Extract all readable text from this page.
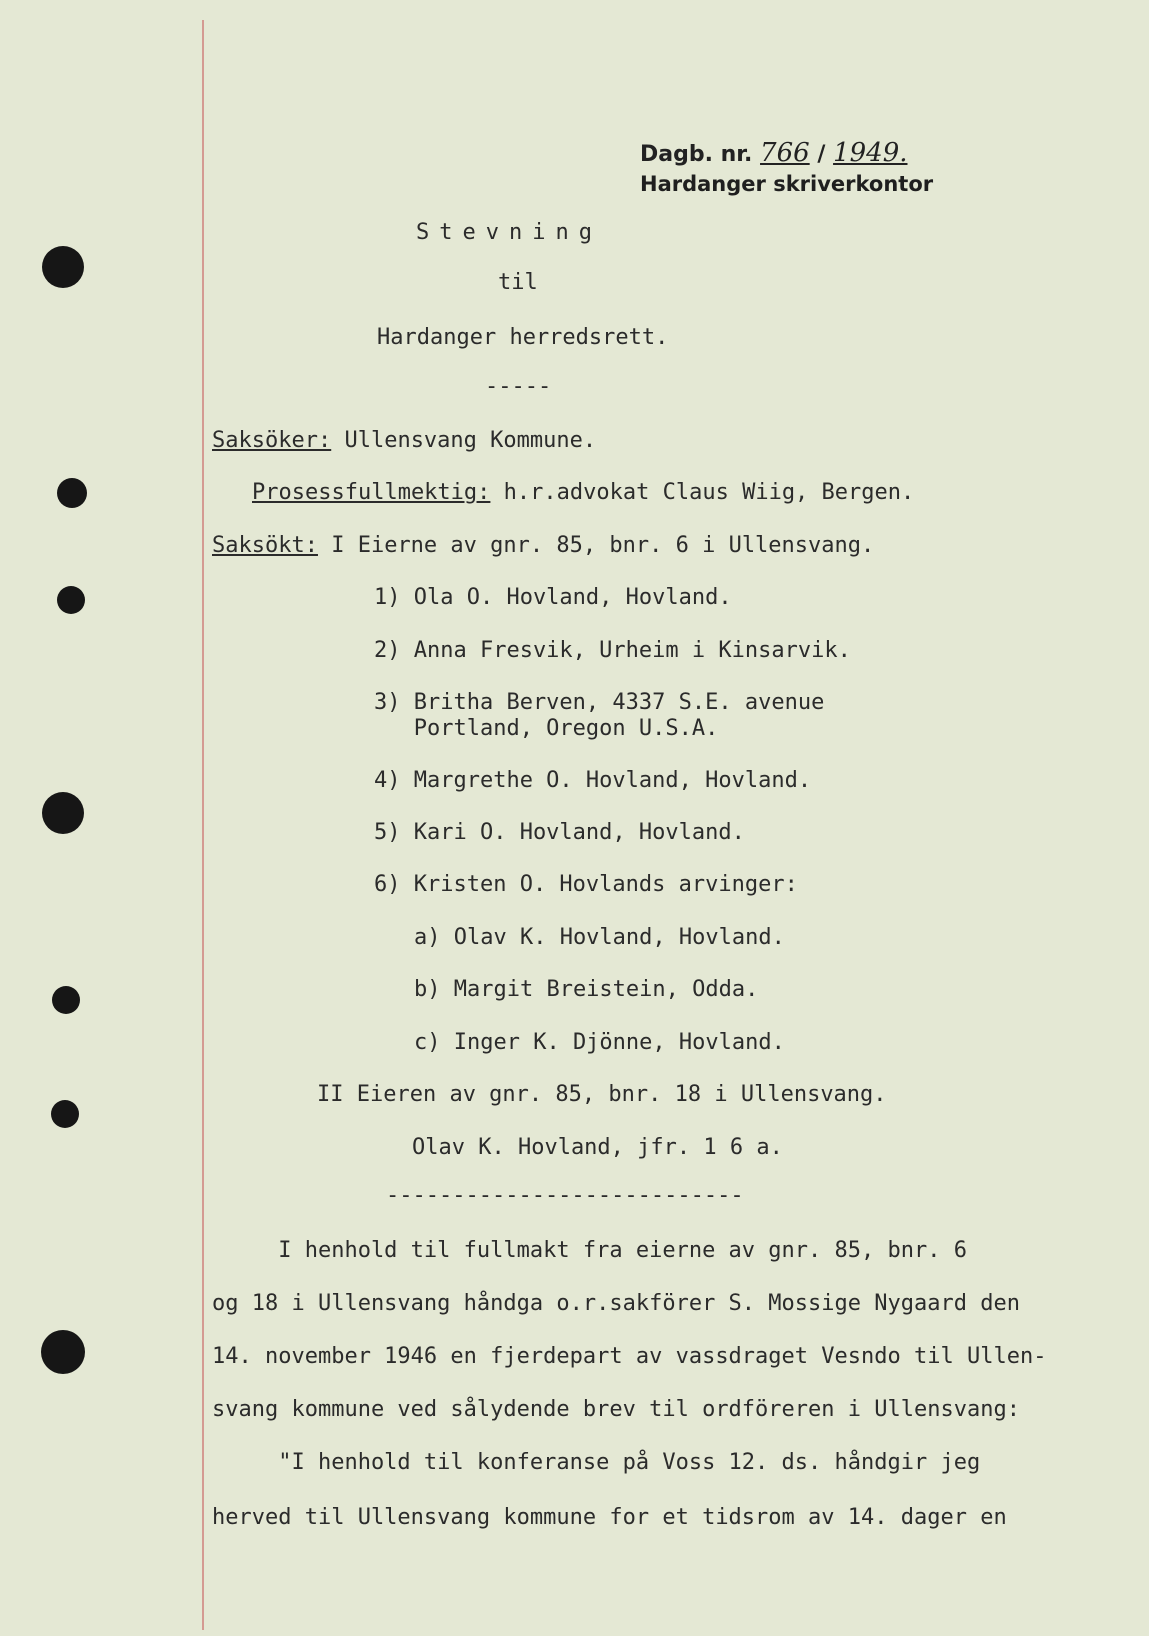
Dagb. nr. 766 / 1949.
Hardanger skriverkontor
Stevning
til
Hardanger herredsrett.
-----
Saksöker: Ullensvang Kommune.
Prosessfullmektig: h.r.advokat Claus Wiig, Bergen.
Saksökt: I Eierne av gnr. 85, bnr. 6 i Ullensvang.
1) Ola O. Hovland, Hovland.
2) Anna Fresvik, Urheim i Kinsarvik.
3) Britha Berven, 4337 S.E. avenue
Portland, Oregon U.S.A.
4) Margrethe O. Hovland, Hovland.
5) Kari O. Hovland, Hovland.
6) Kristen O. Hovlands arvinger:
a) Olav K. Hovland, Hovland.
b) Margit Breistein, Odda.
c) Inger K. Djönne, Hovland.
II Eieren av gnr. 85, bnr. 18 i Ullensvang.
Olav K. Hovland, jfr. 1 6 a.
---------------------------
I henhold til fullmakt fra eierne av gnr. 85, bnr. 6
og 18 i Ullensvang håndga o.r.sakförer S. Mossige Nygaard den
14. november 1946 en fjerdepart av vassdraget Vesndo til Ullen-
svang kommune ved sålydende brev til ordföreren i Ullensvang:
"I henhold til konferanse på Voss 12. ds. håndgir jeg
herved til Ullensvang kommune for et tidsrom av 14. dager en
